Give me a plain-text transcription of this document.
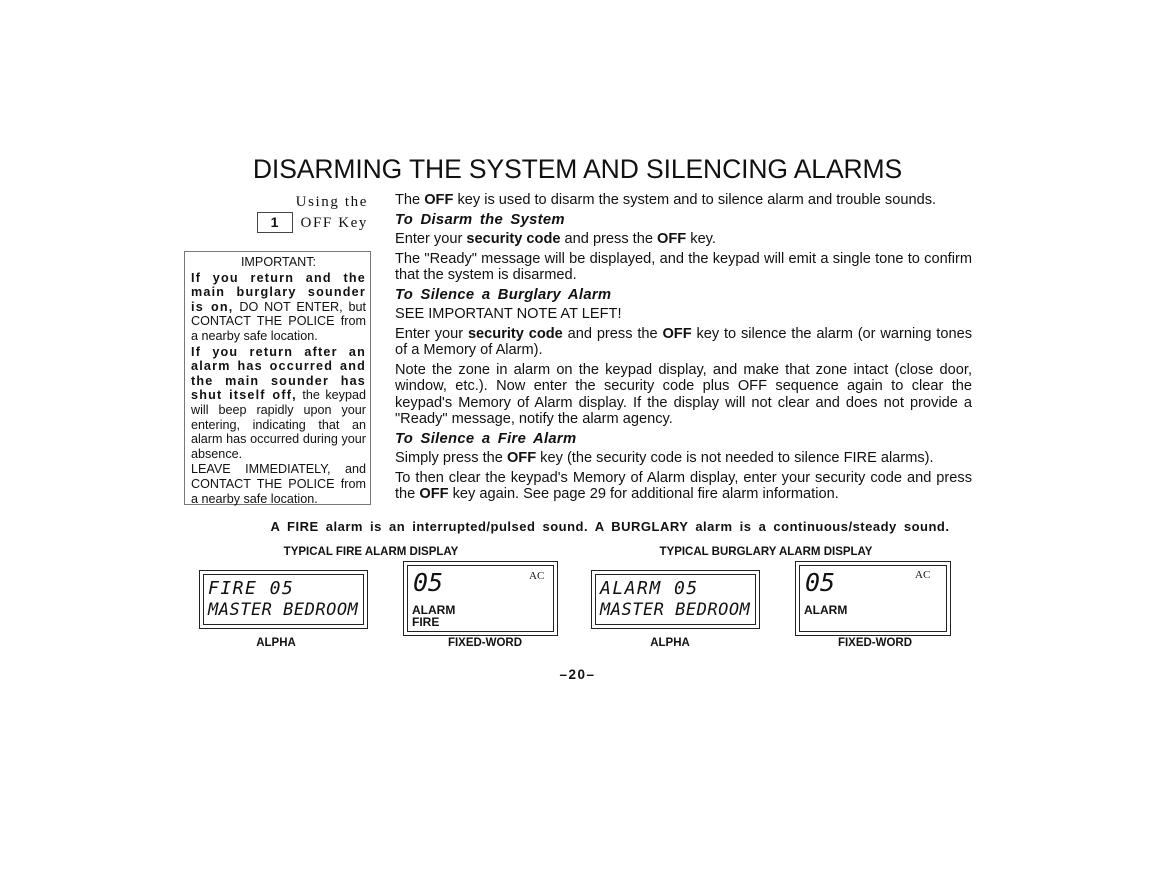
DISARMING THE SYSTEM AND SILENCING ALARMS
Using the
1	OFF Key

IMPORTANT:

If you return and the main burglary sounder is on, DO NOT ENTER, but CONTACT THE POLICE from a nearby safe location.

If you return after an alarm has occurred and the main sounder has shut itself off, the keypad will beep rapidly upon your entering, indicating that an alarm has occurred during your absence.

LEAVE IMMEDIATELY, and CONTACT THE POLICE from a nearby safe location.

The OFF key is used to disarm the system and to silence alarm and trouble sounds.

To Disarm the System

Enter your security code and press the OFF key.

The "Ready" message will be displayed, and the keypad will emit a single tone to confirm that the system is disarmed.

To Silence a Burglary Alarm

SEE IMPORTANT NOTE AT LEFT!

Enter your security code and press the OFF key to silence the alarm (or warning tones of a Memory of Alarm).

Note the zone in alarm on the keypad display, and make that zone intact (close door, window, etc.). Now enter the security code plus OFF sequence again to clear the keypad's Memory of Alarm display. If the display will not clear and does not provide a "Ready" message, notify the alarm agency.

To Silence a Fire Alarm

Simply press the OFF key (the security code is not needed to silence FIRE alarms).

To then clear the keypad's Memory of Alarm display, enter your security code and press the OFF key again. See page 29 for additional fire alarm information.

A FIRE alarm is an interrupted/pulsed sound. A BURGLARY alarm is a continuous/steady sound.
TYPICAL FIRE ALARM DISPLAY	TYPICAL BURGLARY ALARM DISPLAY
FIRE 05
MASTER BEDROOM
ALPHA
05	AC
ALARM
FIRE
FIXED-WORD
ALARM 05
MASTER BEDROOM
ALPHA
05	AC
ALARM
FIXED-WORD
–20–
